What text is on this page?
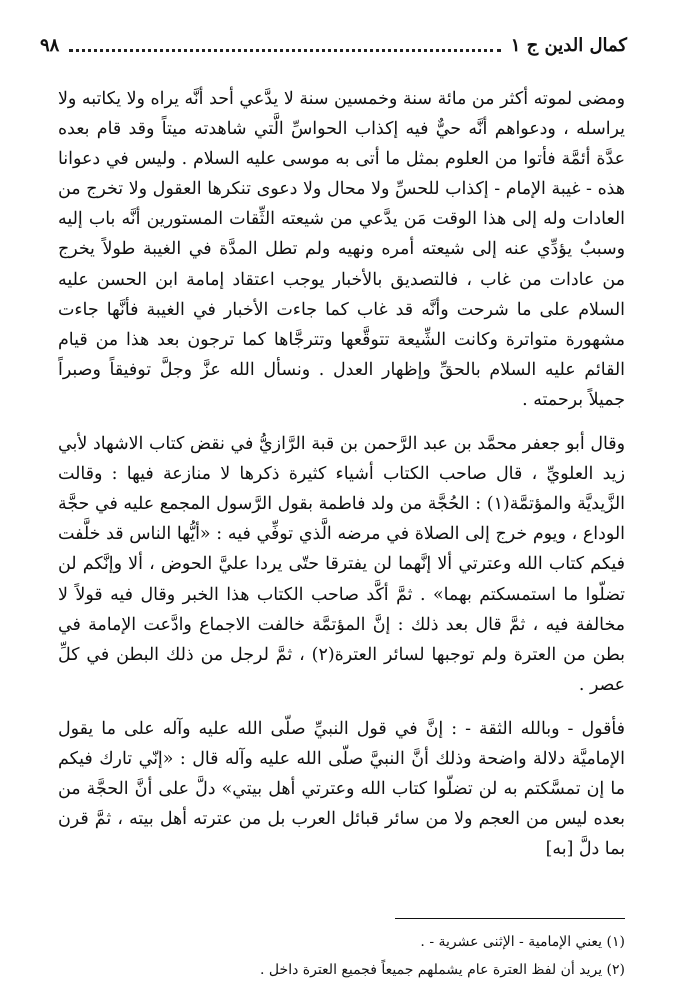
كمال الدين ج ١
٩٨

ومضى لموته أكثر من مائة سنة وخمسين سنة لا يدَّعي أحد أنَّه يراه ولا يكاتبه ولا يراسله ، ودعواهم أنَّه حيٌّ فيه إكذاب الحواسِّ الَّتي شاهدته ميتاً وقد قام بعده عدَّة أئمَّة فأتوا من العلوم بمثل ما أتى به موسى عليه السلام . وليس في دعوانا هذه - غيبة الإمام - إكذاب للحسِّ ولا محال ولا دعوى تنكرها العقول ولا تخرج من العادات وله إلى هذا الوقت مَن يدَّعي من شيعته الثِّقات المستورين أنَّه باب إليه وسببٌ يؤدِّي عنه إلى شيعته أمره ونهيه ولم تطل المدَّة في الغيبة طولاً يخرج من عادات من غاب ، فالتصديق بالأخبار يوجب اعتقاد إمامة ابن الحسن عليه السلام على ما شرحت وأنَّه قد غاب كما جاءت الأخبار في الغيبة فأنَّها جاءت مشهورة متواترة وكانت الشِّيعة تتوقَّعها وتترجَّاها كما ترجون بعد هذا من قيام القائم عليه السلام بالحقِّ وإظهار العدل . ونسأل الله عزَّ وجلَّ توفيقاً وصبراً جميلاً برحمته .

وقال أبو جعفر محمَّد بن عبد الرَّحمن بن قبة الرَّازيُّ في نقض كتاب الاشهاد لأبي زيد العلويِّ ، قال صاحب الكتاب أشياء كثيرة ذكرها لا منازعة فيها : وقالت الزَّيديَّة والمؤتمَّة(١) : الحُجَّة من ولد فاطمة بقول الرَّسول المجمع عليه في حجَّة الوداع ، ويوم خرج إلى الصلاة في مرضه الَّذي توفِّي فيه : «أيُّها الناس قد خلَّفت فيكم كتاب الله وعترتي ألا إنَّهما لن يفترقا حتّى يردا عليَّ الحوض ، ألا وإنَّكم لن تضلّوا ما استمسكتم بهما» . ثمَّ أكَّد صاحب الكتاب هذا الخبر وقال فيه قولاً لا مخالفة فيه ، ثمَّ قال بعد ذلك : إنَّ المؤتمَّة خالفت الاجماع وادَّعت الإمامة في بطن من العترة ولم توجبها لسائر العترة(٢) ، ثمَّ لرجل من ذلك البطن في كلِّ عصر .

فأقول - وبالله الثقة - : إنَّ في قول النبيِّ صلّى الله عليه وآله على ما يقول الإماميَّة دلالة واضحة وذلك أنَّ النبيَّ صلّى الله عليه وآله قال : «إنّي تارك فيكم ما إن تمسَّكتم به لن تضلّوا كتاب الله وعترتي أهل بيتي» دلَّ على أنَّ الحجَّة من بعده ليس من العجم ولا من سائر قبائل العرب بل من عترته أهل بيته ، ثمَّ قرن بما دلَّ [به]

(١) يعني الإمامية - الإثنى عشرية - .
(٢) يريد أن لفظ العترة عام يشملهم جميعاً فجميع العترة داخل .
